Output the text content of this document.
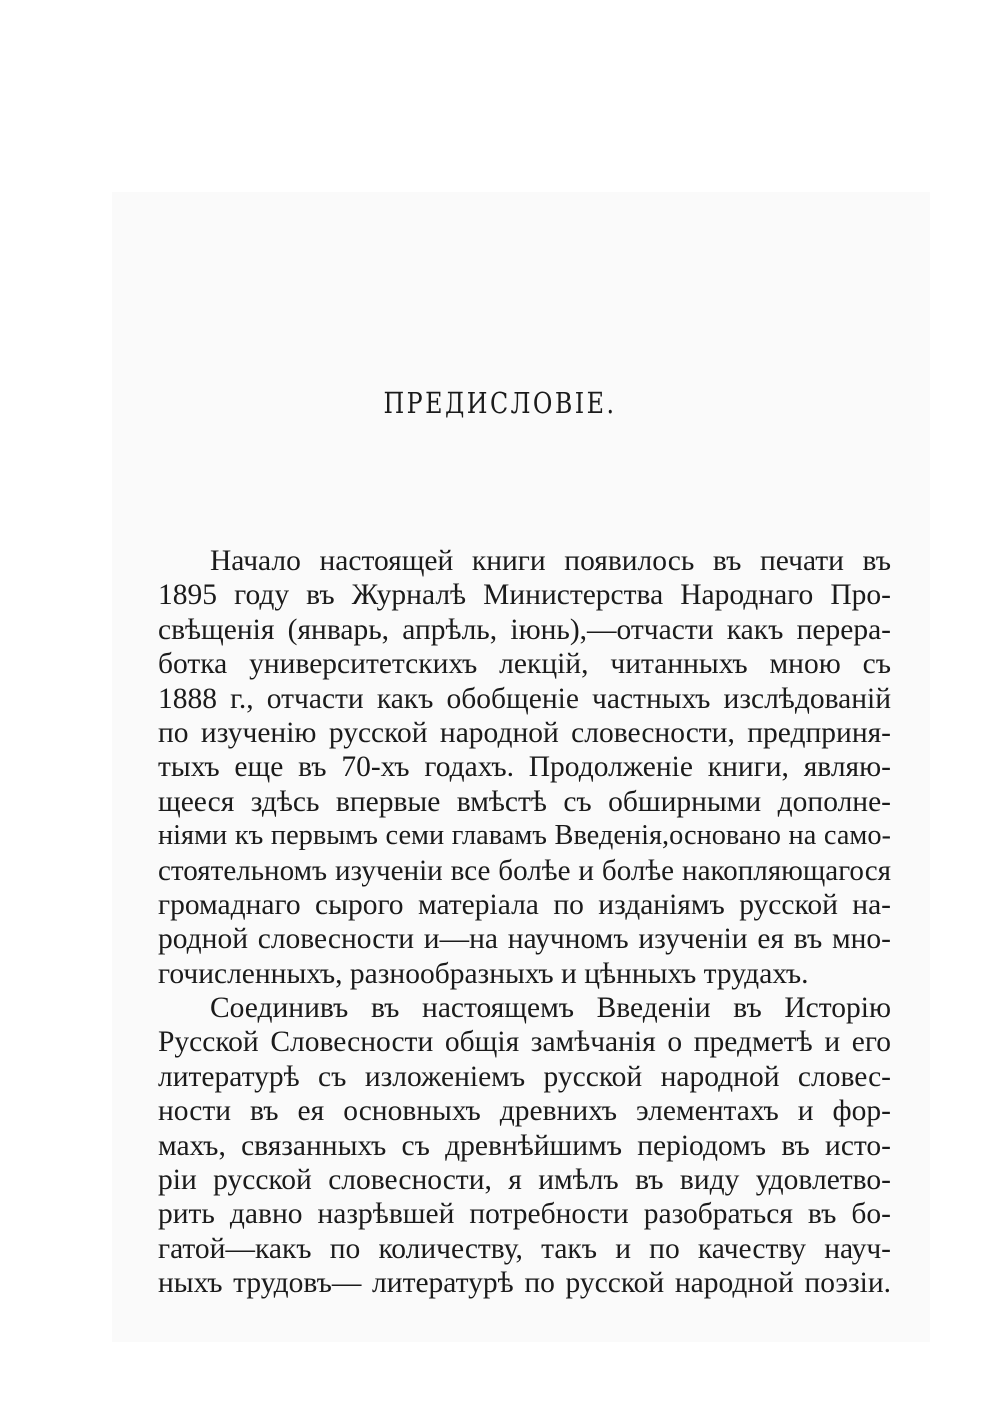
ПРЕДИСЛОВІЕ.
Начало настоящей книги появилось въ печати въ
1895 году въ Журналѣ Министерства Народнаго Про-
свѣщенія (январь, апрѣль, іюнь),—отчасти какъ перера-
ботка университетскихъ лекцій, читанныхъ мною съ
1888 г., отчасти какъ обобщеніе частныхъ изслѣдованій
по изученію русской народной словесности, предприня-
тыхъ еще въ 70-хъ годахъ. Продолженіе книги, являю-
щееся здѣсь впервые вмѣстѣ съ обширными дополне-
ніями къ первымъ семи главамъ Введенія,основано на само-
стоятельномъ изученіи все болѣе и болѣе накопляющагося
громаднаго сырого матеріала по изданіямъ русской на-
родной словесности и—на научномъ изученіи ея въ мно-
гочисленныхъ, разнообразныхъ и цѣнныхъ трудахъ.
Соединивъ въ настоящемъ Введеніи въ Исторію
Русской Словесности общія замѣчанія о предметѣ и его
литературѣ съ изложеніемъ русской народной словес-
ности въ ея основныхъ древнихъ элементахъ и фор-
махъ, связанныхъ съ древнѣйшимъ періодомъ въ исто-
ріи русской словесности, я имѣлъ въ виду удовлетво-
рить давно назрѣвшей потребности разобраться въ бо-
гатой—какъ по количеству, такъ и по качеству науч-
ныхъ трудовъ— литературѣ по русской народной поэзіи.
